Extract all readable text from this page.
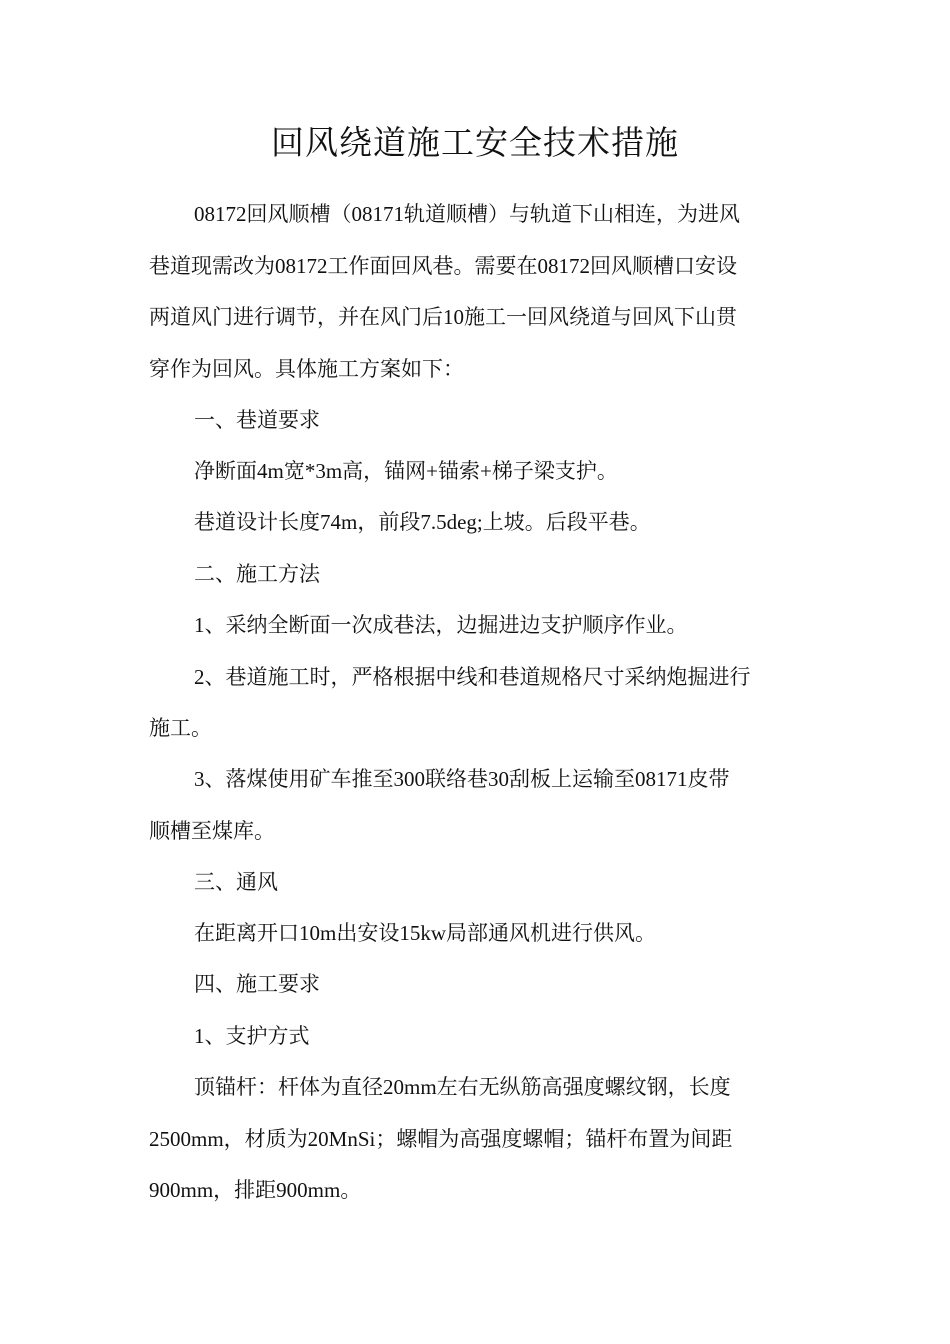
回风绕道施工安全技术措施
08172回风顺槽（08171轨道顺槽）与轨道下山相连，为进风
巷道现需改为08172工作面回风巷。需要在08172回风顺槽口安设
两道风门进行调节，并在风门后10施工一回风绕道与回风下山贯
穿作为回风。具体施工方案如下：
一、巷道要求
净断面4m宽*3m高，锚网+锚索+梯子梁支护。
巷道设计长度74m，前段7.5deg;上坡。后段平巷。
二、施工方法
1、采纳全断面一次成巷法，边掘进边支护顺序作业。
2、巷道施工时，严格根据中线和巷道规格尺寸采纳炮掘进行
施工。
3、落煤使用矿车推至300联络巷30刮板上运输至08171皮带
顺槽至煤库。
三、通风
在距离开口10m出安设15kw局部通风机进行供风。
四、施工要求
1、支护方式
顶锚杆：杆体为直径20mm左右无纵筋高强度螺纹钢，长度
2500mm，材质为20MnSi；螺帽为高强度螺帽；锚杆布置为间距
900mm，排距900mm。
